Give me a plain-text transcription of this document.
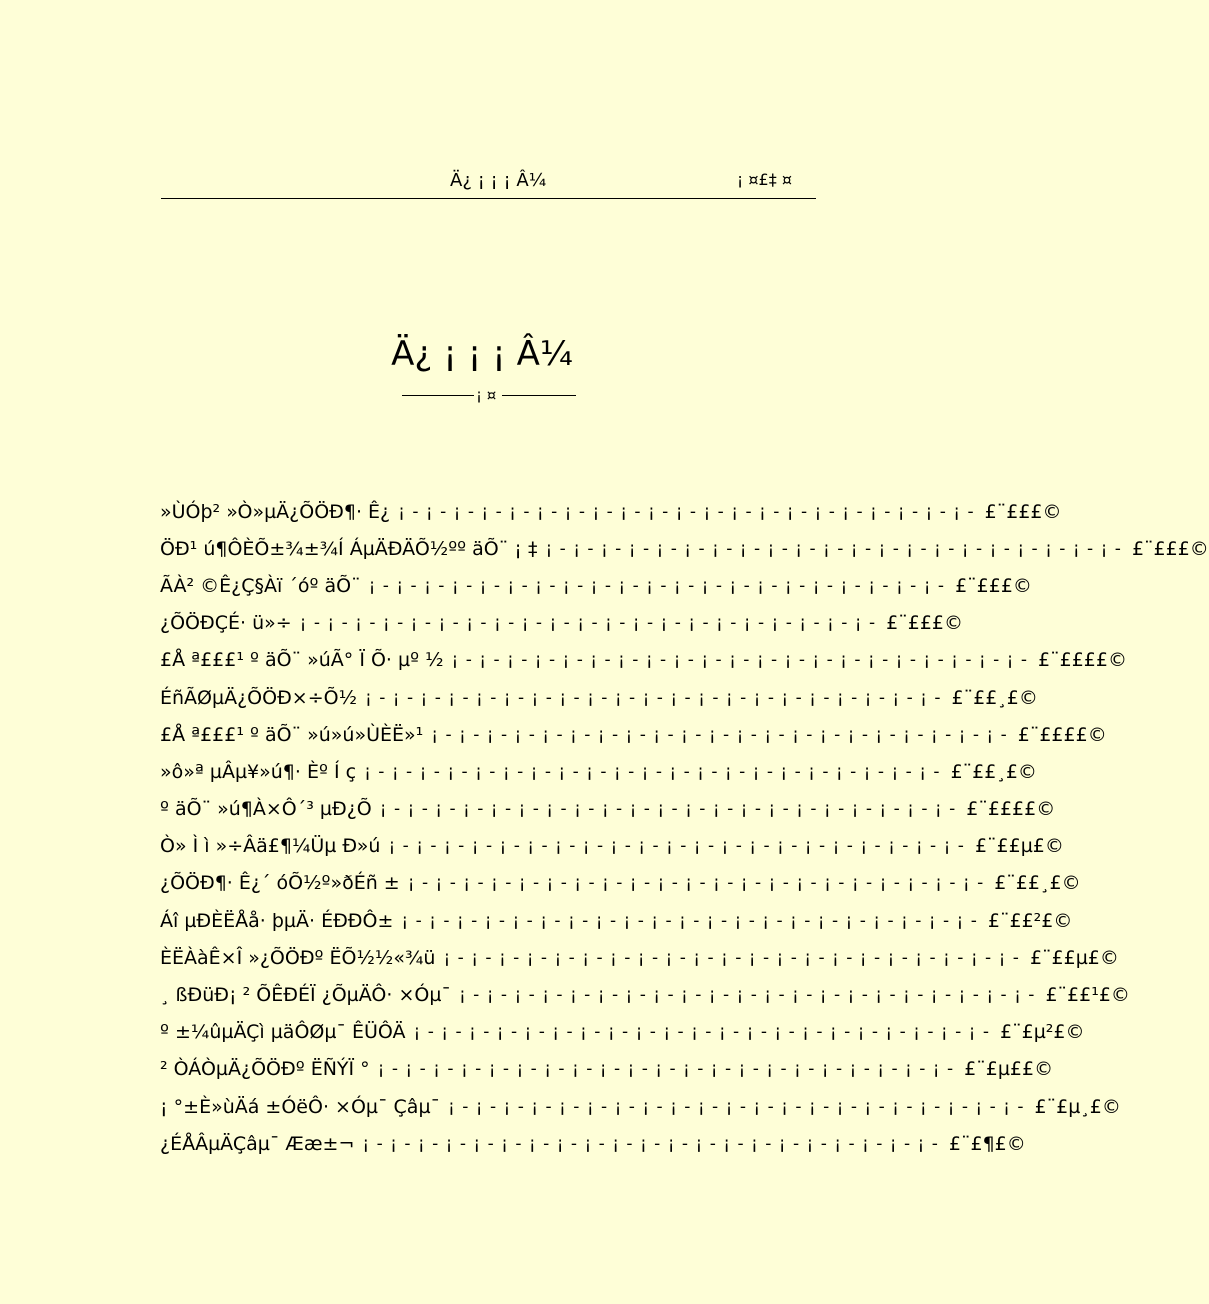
Ä¿ ¡ ¡ ¡ Â¼	¡ ¤£‡ ¤
Ä¿ ¡ ¡ ¡ Â¼
¡ ¤
»ÙÓþ² »Ò»µÄ¿ÕÖÐ¶· Ê¿ ¡ - ¡ - ¡ - ¡ - ¡ - ¡ - ¡ - ¡ - ¡ - ¡ - ¡ - ¡ - ¡ - ¡ - ¡ - ¡ - ¡ - ¡ - ¡ - ¡ - ¡ - £¨£££©
ÖÐ¹ ú¶ÔÈÕ±¾±¾Í ÁµÄÐÄÕ½ºº äÕ¨ ¡ ‡ ¡ - ¡ - ¡ - ¡ - ¡ - ¡ - ¡ - ¡ - ¡ - ¡ - ¡ - ¡ - ¡ - ¡ - ¡ - ¡ - ¡ - ¡ - ¡ - ¡ - ¡ - £¨£££©
ÃÀ² ©Ê¿Ç§Àï ´óº äÕ¨ ¡ - ¡ - ¡ - ¡ - ¡ - ¡ - ¡ - ¡ - ¡ - ¡ - ¡ - ¡ - ¡ - ¡ - ¡ - ¡ - ¡ - ¡ - ¡ - ¡ - ¡ - £¨£££©
¿ÕÖÐÇÉ· ü»÷ ¡ - ¡ - ¡ - ¡ - ¡ - ¡ - ¡ - ¡ - ¡ - ¡ - ¡ - ¡ - ¡ - ¡ - ¡ - ¡ - ¡ - ¡ - ¡ - ¡ - ¡ - £¨£££©
£Å ª£££¹ º äÕ¨ »úÃ° Ï Õ· µº ½ ¡ - ¡ - ¡ - ¡ - ¡ - ¡ - ¡ - ¡ - ¡ - ¡ - ¡ - ¡ - ¡ - ¡ - ¡ - ¡ - ¡ - ¡ - ¡ - ¡ - ¡ - £¨££££©
ÉñÃØµÄ¿ÕÖÐ×÷Õ½ ¡ - ¡ - ¡ - ¡ - ¡ - ¡ - ¡ - ¡ - ¡ - ¡ - ¡ - ¡ - ¡ - ¡ - ¡ - ¡ - ¡ - ¡ - ¡ - ¡ - ¡ - £¨££¸£©
£Å ª£££¹ º äÕ¨ »ú»ú»ÙÈË»¹ ¡ - ¡ - ¡ - ¡ - ¡ - ¡ - ¡ - ¡ - ¡ - ¡ - ¡ - ¡ - ¡ - ¡ - ¡ - ¡ - ¡ - ¡ - ¡ - ¡ - ¡ - £¨££££©
»ô»ª µÂµ¥»ú¶· Èº Í ç ¡ - ¡ - ¡ - ¡ - ¡ - ¡ - ¡ - ¡ - ¡ - ¡ - ¡ - ¡ - ¡ - ¡ - ¡ - ¡ - ¡ - ¡ - ¡ - ¡ - ¡ - £¨££¸£©
º äÕ¨ »ú¶À×Ô´³ µÐ¿Õ ¡ - ¡ - ¡ - ¡ - ¡ - ¡ - ¡ - ¡ - ¡ - ¡ - ¡ - ¡ - ¡ - ¡ - ¡ - ¡ - ¡ - ¡ - ¡ - ¡ - ¡ - £¨££££©
Ò» Ì ì »÷Âä£¶¼Üµ Ð»ú ¡ - ¡ - ¡ - ¡ - ¡ - ¡ - ¡ - ¡ - ¡ - ¡ - ¡ - ¡ - ¡ - ¡ - ¡ - ¡ - ¡ - ¡ - ¡ - ¡ - ¡ - £¨££µ£©
¿ÕÖÐ¶· Ê¿´ óÕ½º»ðÉñ ± ¡ - ¡ - ¡ - ¡ - ¡ - ¡ - ¡ - ¡ - ¡ - ¡ - ¡ - ¡ - ¡ - ¡ - ¡ - ¡ - ¡ - ¡ - ¡ - ¡ - ¡ - £¨££¸£©
Áî µÐÈËÅå· þµÄ· ÉÐÐÔ± ¡ - ¡ - ¡ - ¡ - ¡ - ¡ - ¡ - ¡ - ¡ - ¡ - ¡ - ¡ - ¡ - ¡ - ¡ - ¡ - ¡ - ¡ - ¡ - ¡ - ¡ - £¨££²£©
ÈËÀàÊ×Î »¿ÕÖÐº ËÕ½½«¾ü ¡ - ¡ - ¡ - ¡ - ¡ - ¡ - ¡ - ¡ - ¡ - ¡ - ¡ - ¡ - ¡ - ¡ - ¡ - ¡ - ¡ - ¡ - ¡ - ¡ - ¡ - £¨££µ£©
¸ ßÐüÐ¡ ² ÕÊÐÉÏ ¿ÕµÄÔ· ×Óµ¯ ¡ - ¡ - ¡ - ¡ - ¡ - ¡ - ¡ - ¡ - ¡ - ¡ - ¡ - ¡ - ¡ - ¡ - ¡ - ¡ - ¡ - ¡ - ¡ - ¡ - ¡ - £¨££¹£©
º ±¼ûµÄÇì µäÔØµ¯ ÊÜÔÄ ¡ - ¡ - ¡ - ¡ - ¡ - ¡ - ¡ - ¡ - ¡ - ¡ - ¡ - ¡ - ¡ - ¡ - ¡ - ¡ - ¡ - ¡ - ¡ - ¡ - ¡ - £¨£µ²£©
² ÒÁÒµÄ¿ÕÖÐº ËÑÝÏ ° ¡ - ¡ - ¡ - ¡ - ¡ - ¡ - ¡ - ¡ - ¡ - ¡ - ¡ - ¡ - ¡ - ¡ - ¡ - ¡ - ¡ - ¡ - ¡ - ¡ - ¡ - £¨£µ££©
¡ °±È»ùÄá ±ÓëÔ· ×Óµ¯ Çâµ¯ ¡ - ¡ - ¡ - ¡ - ¡ - ¡ - ¡ - ¡ - ¡ - ¡ - ¡ - ¡ - ¡ - ¡ - ¡ - ¡ - ¡ - ¡ - ¡ - ¡ - ¡ - £¨£µ¸£©
¿ÉÅÂµÄÇâµ¯ Ææ±¬ ¡ - ¡ - ¡ - ¡ - ¡ - ¡ - ¡ - ¡ - ¡ - ¡ - ¡ - ¡ - ¡ - ¡ - ¡ - ¡ - ¡ - ¡ - ¡ - ¡ - ¡ - £¨£¶£©
